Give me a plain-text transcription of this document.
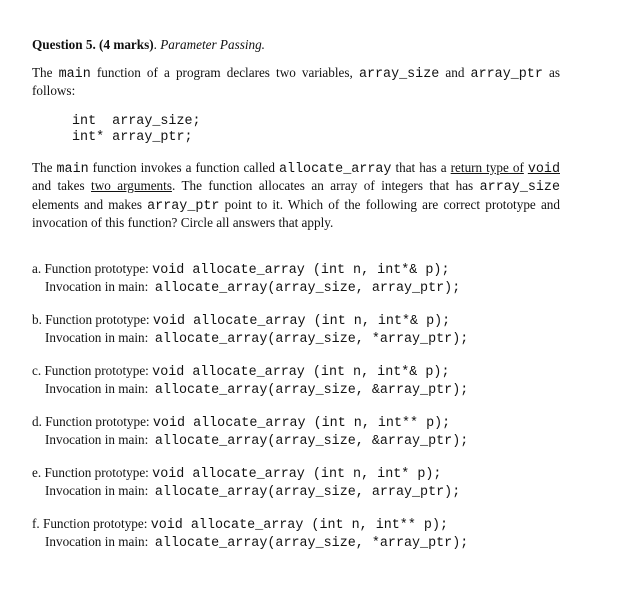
Question 5. (4 marks). Parameter Passing.
The main function of a program declares two variables, array_size and array_ptr as follows:
int  array_size;
int* array_ptr;
The main function invokes a function called allocate_array that has a return type of void and takes two arguments. The function allocates an array of integers that has array_size elements and makes array_ptr point to it. Which of the following are correct prototype and invocation of this function? Circle all answers that apply.
a. Function prototype: void allocate_array (int n, int*& p);
Invocation in main: allocate_array(array_size, array_ptr);
b. Function prototype: void allocate_array (int n, int*& p);
Invocation in main: allocate_array(array_size, *array_ptr);
c. Function prototype: void allocate_array (int n, int*& p);
Invocation in main: allocate_array(array_size, &array_ptr);
d. Function prototype: void allocate_array (int n, int** p);
Invocation in main: allocate_array(array_size, &array_ptr);
e. Function prototype: void allocate_array (int n, int* p);
Invocation in main: allocate_array(array_size, array_ptr);
f. Function prototype: void allocate_array (int n, int** p);
Invocation in main: allocate_array(array_size, *array_ptr);
